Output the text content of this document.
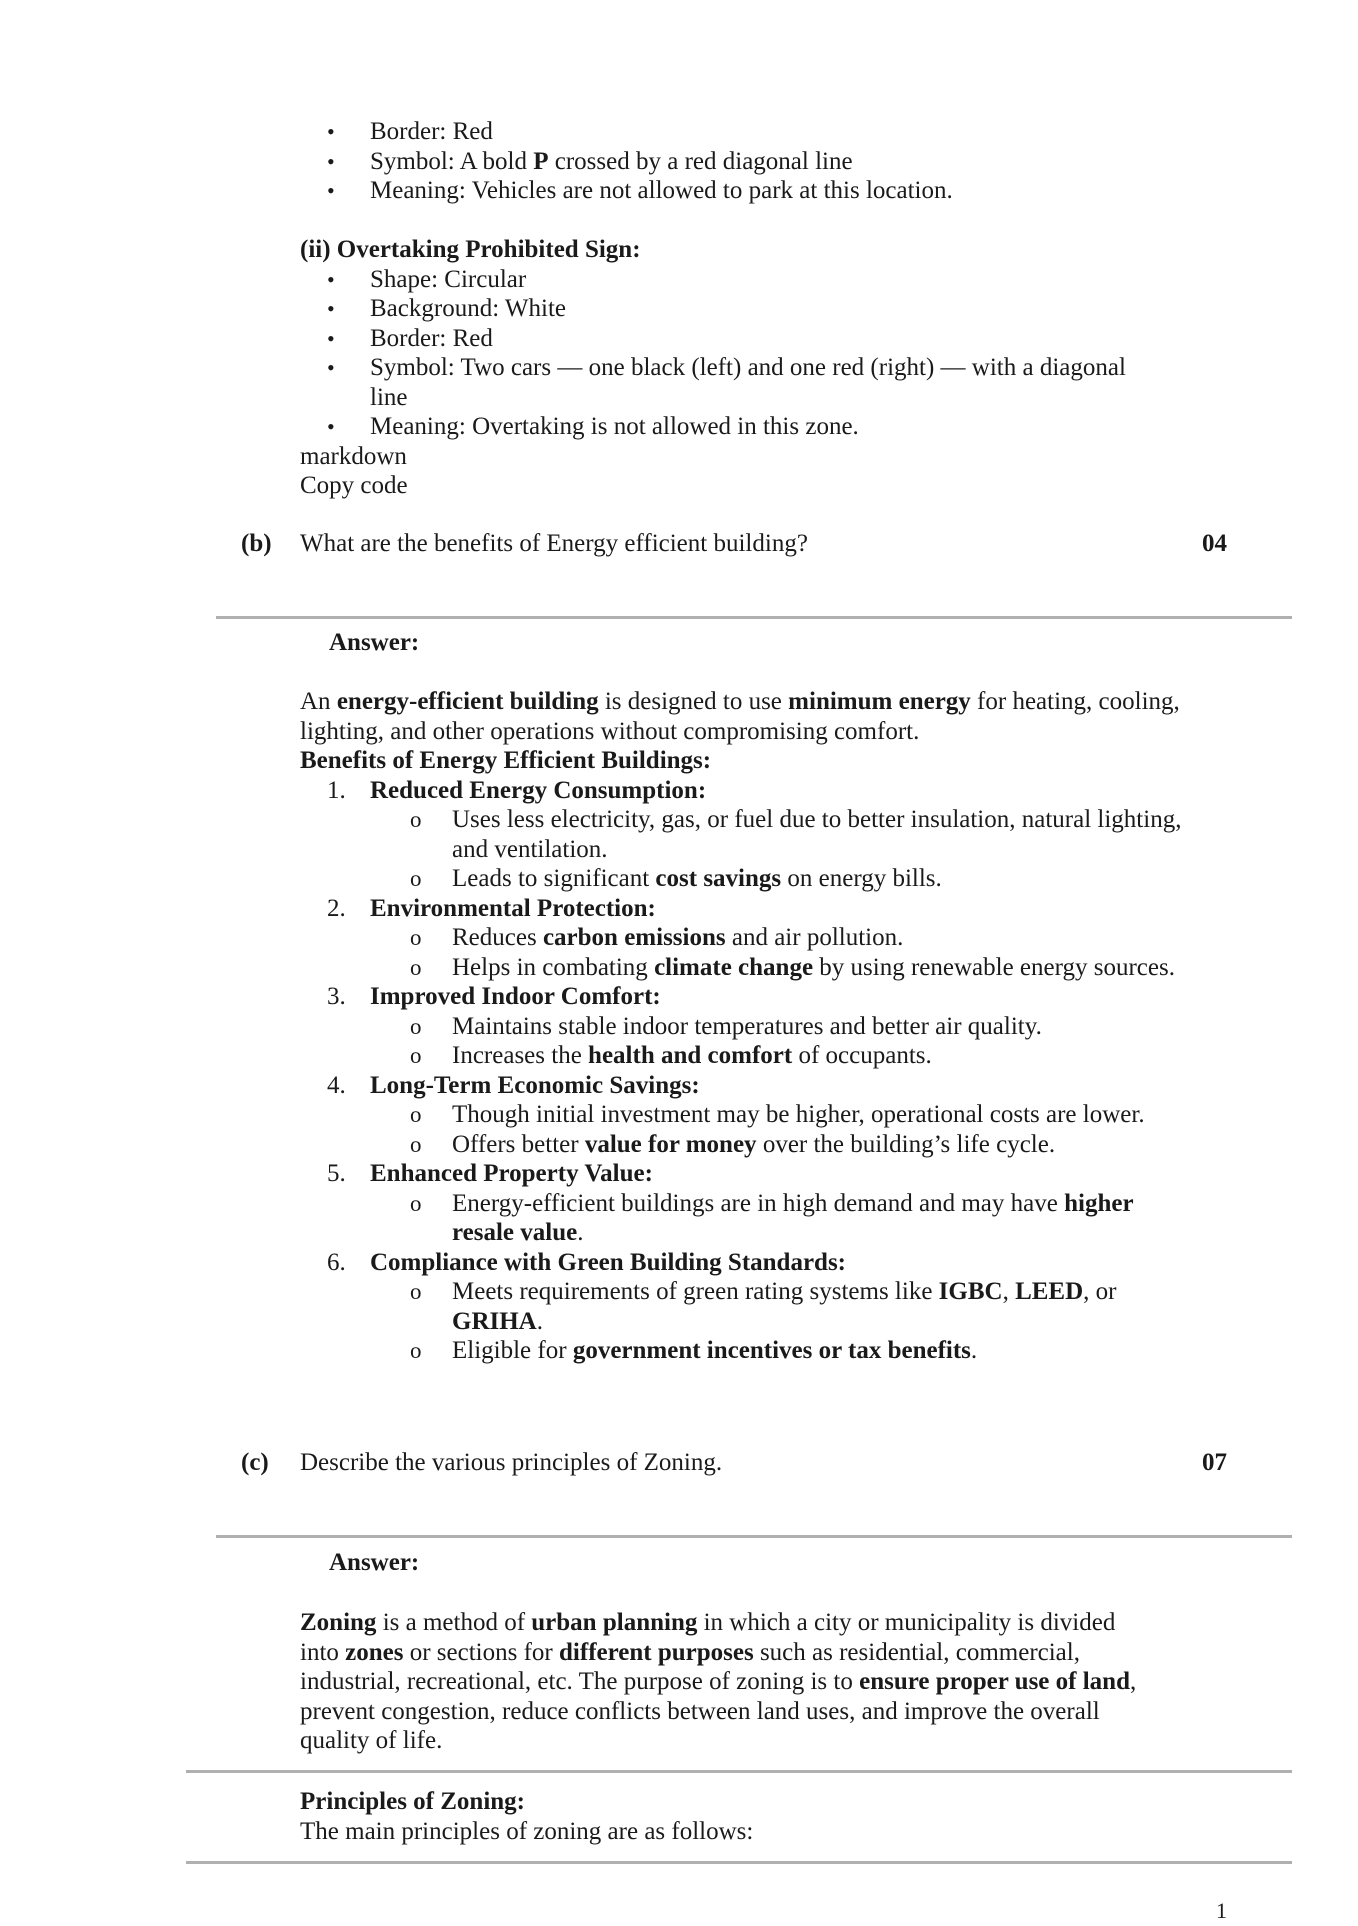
• Border: Red
• Symbol: A bold P crossed by a red diagonal line
• Meaning: Vehicles are not allowed to park at this location.
(ii) Overtaking Prohibited Sign:
• Shape: Circular
• Background: White
• Border: Red
• Symbol: Two cars — one black (left) and one red (right) — with a diagonal line
• Meaning: Overtaking is not allowed in this zone.
markdown
Copy code
(b) What are the benefits of Energy efficient building?	04
Answer:

An energy-efficient building is designed to use minimum energy for heating, cooling, lighting, and other operations without compromising comfort.

Benefits of Energy Efficient Buildings:
1. Reduced Energy Consumption:
o Uses less electricity, gas, or fuel due to better insulation, natural lighting, and ventilation.
o Leads to significant cost savings on energy bills.
2. Environmental Protection:
o Reduces carbon emissions and air pollution.
o Helps in combating climate change by using renewable energy sources.
3. Improved Indoor Comfort:
o Maintains stable indoor temperatures and better air quality.
o Increases the health and comfort of occupants.
4. Long-Term Economic Savings:
o Though initial investment may be higher, operational costs are lower.
o Offers better value for money over the building’s life cycle.
5. Enhanced Property Value:
o Energy-efficient buildings are in high demand and may have higher resale value.
6. Compliance with Green Building Standards:
o Meets requirements of green rating systems like IGBC, LEED, or GRIHA.
o Eligible for government incentives or tax benefits.
(c) Describe the various principles of Zoning.	07
Answer:

Zoning is a method of urban planning in which a city or municipality is divided into zones or sections for different purposes such as residential, commercial, industrial, recreational, etc. The purpose of zoning is to ensure proper use of land, prevent congestion, reduce conflicts between land uses, and improve the overall quality of life.

Principles of Zoning:
The main principles of zoning are as follows:
1
